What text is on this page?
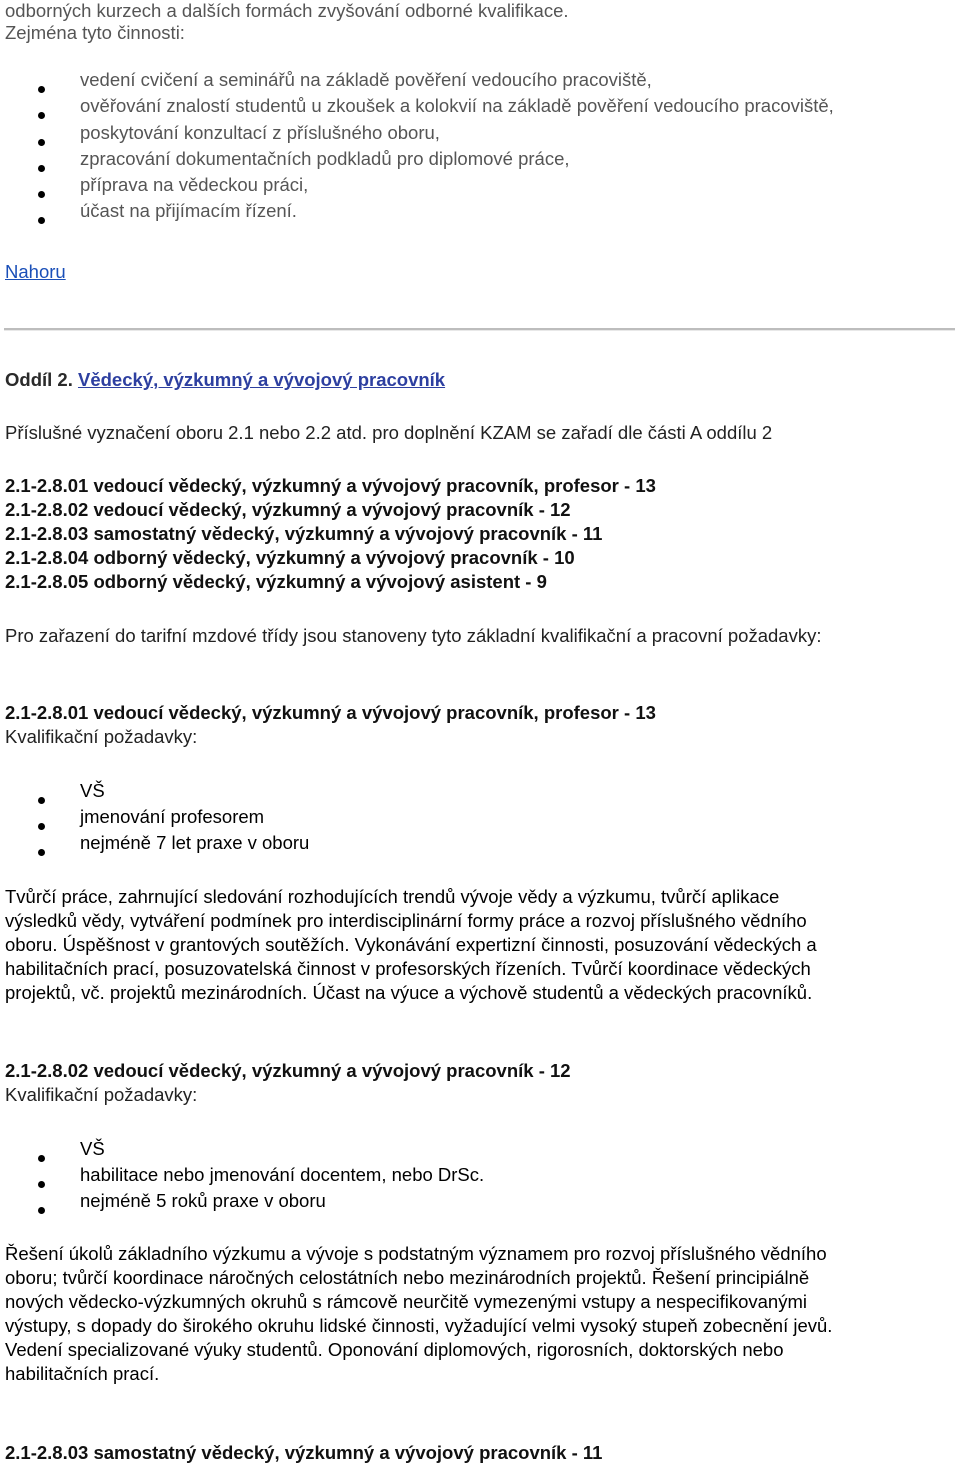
odborných kurzech a dalších formách zvyšování odborné kvalifikace.
Zejména tyto činnosti:
vedení cvičení a seminářů na základě pověření vedoucího pracoviště,
ověřování znalostí studentů u zkoušek a kolokvií na základě pověření vedoucího pracoviště,
poskytování konzultací z příslušného oboru,
zpracování dokumentačních podkladů pro diplomové práce,
příprava na vědeckou práci,
účast na přijímacím řízení.
Nahoru
Oddíl 2. Vědecký, výzkumný a vývojový pracovník
Příslušné vyznačení oboru 2.1 nebo 2.2 atd. pro doplnění KZAM se zařadí dle části A oddílu 2
2.1-2.8.01 vedoucí vědecký, výzkumný a vývojový pracovník, profesor - 13
2.1-2.8.02 vedoucí vědecký, výzkumný a vývojový pracovník - 12
2.1-2.8.03 samostatný vědecký, výzkumný a vývojový pracovník - 11
2.1-2.8.04 odborný vědecký, výzkumný a vývojový pracovník - 10
2.1-2.8.05 odborný vědecký, výzkumný a vývojový asistent - 9
Pro zařazení do tarifní mzdové třídy jsou stanoveny tyto základní kvalifikační a pracovní požadavky:
2.1-2.8.01 vedoucí vědecký, výzkumný a vývojový pracovník, profesor - 13
Kvalifikační požadavky:
VŠ
jmenování profesorem
nejméně 7 let praxe v oboru
Tvůrčí práce, zahrnující sledování rozhodujících trendů vývoje vědy a výzkumu, tvůrčí aplikace
výsledků vědy, vytváření podmínek pro interdisciplinární formy práce a rozvoj příslušného vědního
oboru. Úspěšnost v grantových soutěžích. Vykonávání expertizní činnosti, posuzování vědeckých a
habilitačních prací, posuzovatelská činnost v profesorských řízeních. Tvůrčí koordinace vědeckých
projektů, vč. projektů mezinárodních. Účast na výuce a výchově studentů a vědeckých pracovníků.
2.1-2.8.02 vedoucí vědecký, výzkumný a vývojový pracovník - 12
Kvalifikační požadavky:
VŠ
habilitace nebo jmenování docentem, nebo DrSc.
nejméně 5 roků praxe v oboru
Řešení úkolů základního výzkumu a vývoje s podstatným významem pro rozvoj příslušného vědního
oboru; tvůrčí koordinace náročných celostátních nebo mezinárodních projektů. Řešení principiálně
nových vědecko-výzkumných okruhů s rámcově neurčitě vymezenými vstupy a nespecifikovanými
výstupy, s dopady do širokého okruhu lidské činnosti, vyžadující velmi vysoký stupeň zobecnění jevů.
Vedení specializované výuky studentů. Oponování diplomových, rigorosních, doktorských nebo
habilitačních prací.
2.1-2.8.03 samostatný vědecký, výzkumný a vývojový pracovník - 11
